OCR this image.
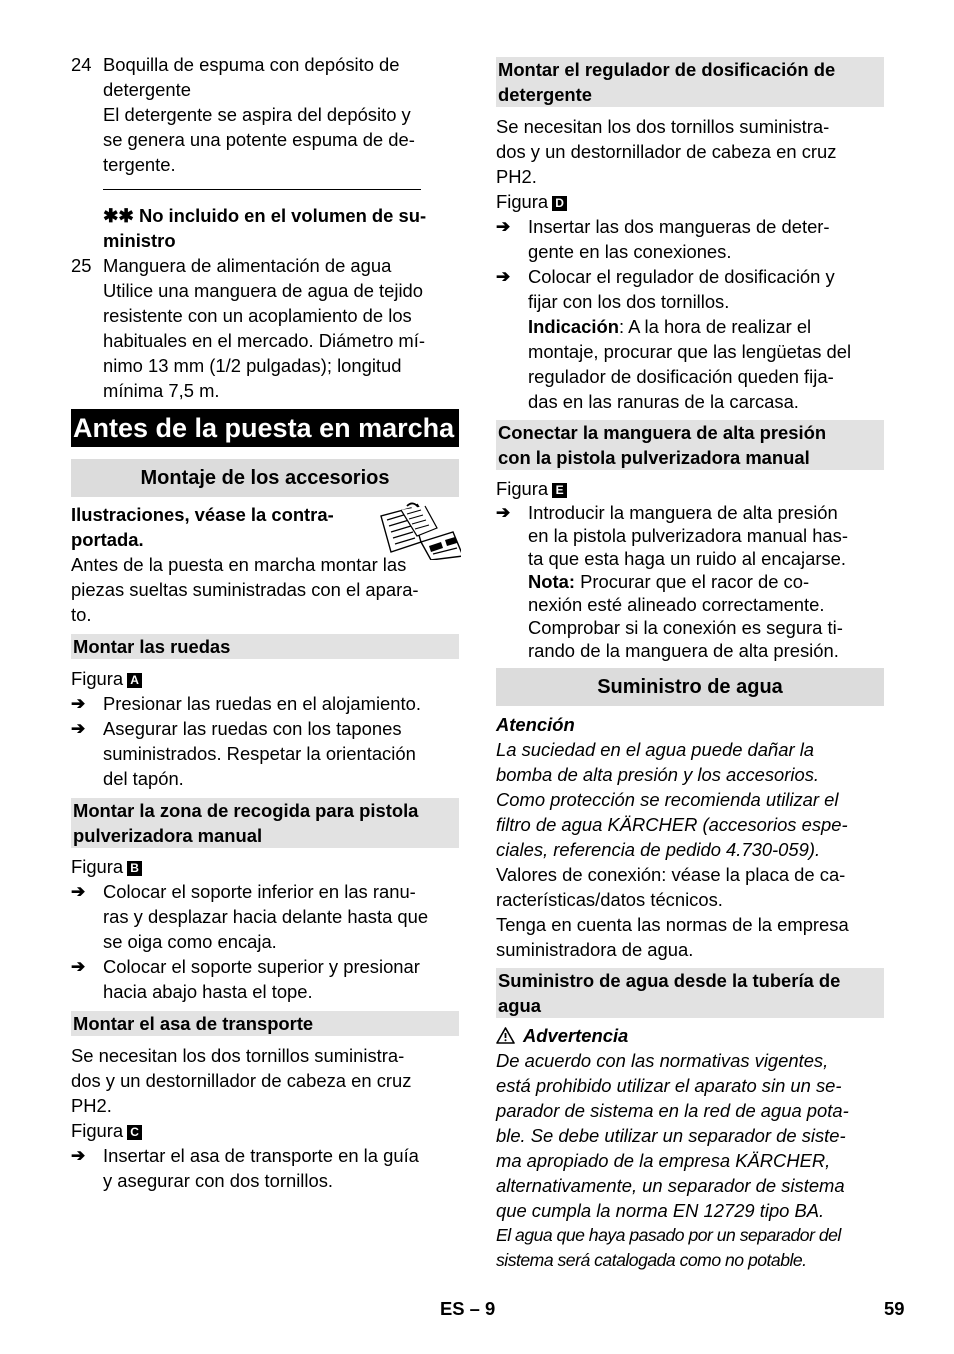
24 Boquilla de espuma con depósito de
detergente
El detergente se aspira del depósito y
se genera una potente espuma de de-
tergente.
✱✱ No incluido en el volumen de su-
ministro
25 Manguera de alimentación de agua
Utilice una manguera de agua de tejido
resistente con un acoplamiento de los
habituales en el mercado. Diámetro mí-
nimo 13 mm (1/2 pulgadas); longitud
mínima 7,5 m.
Antes de la puesta en marcha
Montaje de los accesorios
Ilustraciones, véase la contra-
portada.
Antes de la puesta en marcha montar las
piezas sueltas suministradas con el apara-
to.
Montar las ruedas
Figura A
➔ Presionar las ruedas en el alojamiento.
➔ Asegurar las ruedas con los tapones
suministrados. Respetar la orientación
del tapón.
Montar la zona de recogida para pistola
pulverizadora manual
Figura B
➔ Colocar el soporte inferior en las ranu-
ras y desplazar hacia delante hasta que
se oiga como encaja.
➔ Colocar el soporte superior y presionar
hacia abajo hasta el tope.
Montar el asa de transporte
Se necesitan los dos tornillos suministra-
dos y un destornillador de cabeza en cruz
PH2.
Figura C
➔ Insertar el asa de transporte en la guía
y asegurar con dos tornillos.
Montar el regulador de dosificación de
detergente
Se necesitan los dos tornillos suministra-
dos y un destornillador de cabeza en cruz
PH2.
Figura D
➔ Insertar las dos mangueras de deter-
gente en las conexiones.
➔ Colocar el regulador de dosificación y
fijar con los dos tornillos.
Indicación: A la hora de realizar el
montaje, procurar que las lengüetas del
regulador de dosificación queden fija-
das en las ranuras de la carcasa.
Conectar la manguera de alta presión
con la pistola pulverizadora manual
Figura E
➔ Introducir la manguera de alta presión
en la pistola pulverizadora manual has-
ta que esta haga un ruido al encajarse.
Nota: Procurar que el racor de co-
nexión esté alineado correctamente.
Comprobar si la conexión es segura ti-
rando de la manguera de alta presión.
Suministro de agua
Atención
La suciedad en el agua puede dañar la
bomba de alta presión y los accesorios.
Como protección se recomienda utilizar el
filtro de agua KÄRCHER (accesorios espe-
ciales, referencia de pedido 4.730-059).
Valores de conexión: véase la placa de ca-
racterísticas/datos técnicos.
Tenga en cuenta las normas de la empresa
suministradora de agua.
Suministro de agua desde la tubería de
agua
Advertencia
De acuerdo con las normativas vigentes,
está prohibido utilizar el aparato sin un se-
parador de sistema en la red de agua pota-
ble. Se debe utilizar un separador de siste-
ma apropiado de la empresa KÄRCHER,
alternativamente, un separador de sistema
que cumpla la norma EN 12729 tipo BA.
El agua que haya pasado por un separador del
sistema será catalogada como no potable.
ES – 9	59
